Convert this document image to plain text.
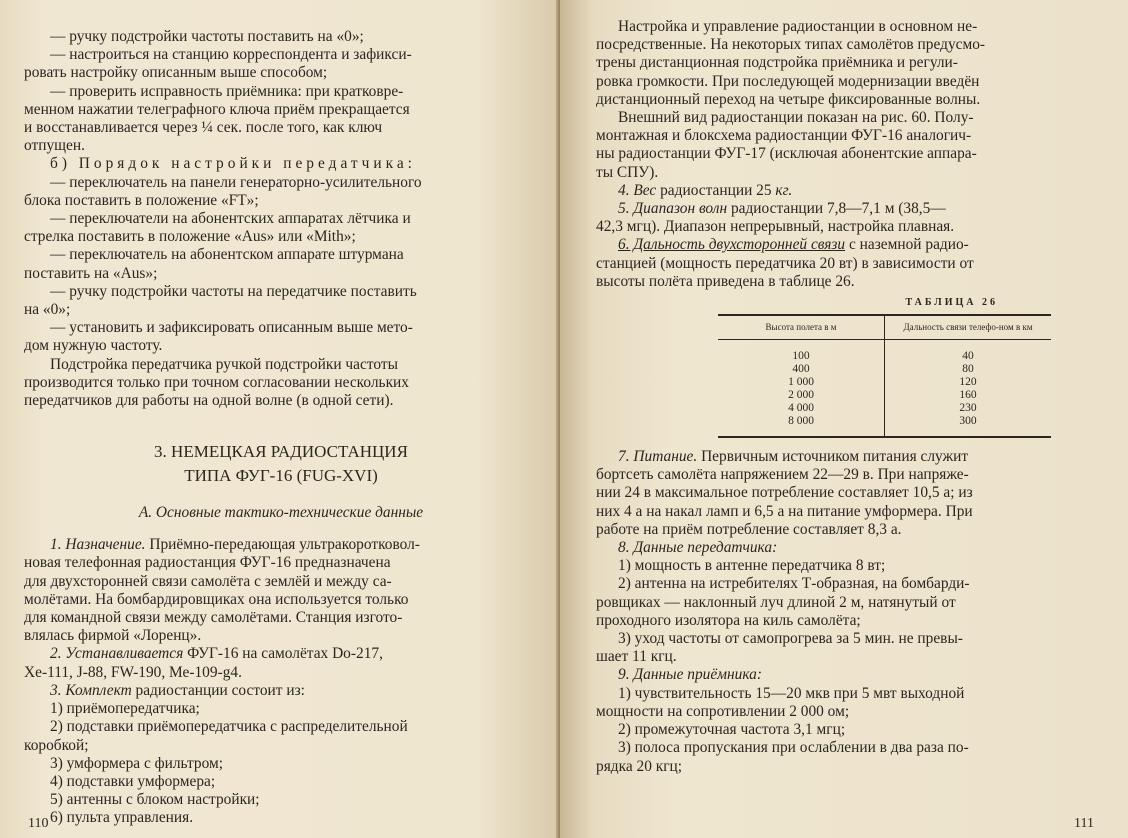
— ручку подстройки частоты поставить на «0»;

— настроиться на станцию корреспондента и зафикси-

ровать настройку описанным выше способом;

— проверить исправность приёмника: при кратковре-

менном нажатии телеграфного ключа приём прекращается

и восстанавливается через ¼ сек. после того, как ключ

отпущен.

б) Порядок настройки передатчика:

— переключатель на панели генераторно-усилительного

блока поставить в положение «FT»;

— переключатели на абонентских аппаратах лётчика и

стрелка поставить в положение «Aus» или «Mith»;

— переключатель на абонентском аппарате штурмана

поставить на «Aus»;

— ручку подстройки частоты на передатчике поставить

на «0»;

— установить и зафиксировать описанным выше мето-

дом нужную частоту.

Подстройка передатчика ручкой подстройки частоты

производится только при точном согласовании нескольких

передатчиков для работы на одной волне (в одной сети).

3. НЕМЕЦКАЯ РАДИОСТАНЦИЯ

ТИПА ФУГ-16 (FUG-XVI)

А. Основные тактико-технические данные

1. Назначение. Приёмно-передающая ультракоротковол-

новая телефонная радиостанция ФУГ-16 предназначена

для двухсторонней связи самолёта с землёй и между са-

молётами. На бомбардировщиках она используется только

для командной связи между самолётами. Станция изгото-

влялась фирмой «Лоренц».

2. Устанавливается ФУГ-16 на самолётах Do-217,

Хе-111, J-88, FW-190, Ме-109-g4.

3. Комплект радиостанции состоит из:

1) приёмопередатчика;

2) подставки приёмопередатчика с распределительной

коробкой;

3) умформера с фильтром;

4) подставки умформера;

5) антенны с блоком настройки;

6) пульта управления.

110

Настройка и управление радиостанции в основном не-

посредственные. На некоторых типах самолётов предусмо-

трены дистанционная подстройка приёмника и регули-

ровка громкости. При последующей модернизации введён

дистанционный переход на четыре фиксированные волны.

Внешний вид радиостанции показан на рис. 60. Полу-

монтажная и блоксхема радиостанции ФУГ-16 аналогич-

ны радиостанции ФУГ-17 (исключая абонентские аппара-

ты СПУ).

4. Вес радиостанции 25 кг.

5. Диапазон волн радиостанции 7,8—7,1 м (38,5—

42,3 мгц). Диапазон непрерывный, настройка плавная.

6. Дальность двухсторонней связи с наземной радио-

станцией (мощность передатчика 20 вт) в зависимости от

высоты полёта приведена в таблице 26.

ТАБЛИЦА 26
Высота полета в м	Дальность связи телефо-ном в км
100	40
400	80
1 000	120
2 000	160
4 000	230
8 000	300

7. Питание. Первичным источником питания служит

бортсеть самолёта напряжением 22—29 в. При напряже-

нии 24 в максимальное потребление составляет 10,5 а; из

них 4 а на накал ламп и 6,5 а на питание умформера. При

работе на приём потребление составляет 8,3 а.

8. Данные передатчика:

1) мощность в антенне передатчика 8 вт;

2) антенна на истребителях Т-образная, на бомбарди-

ровщиках — наклонный луч длиной 2 м, натянутый от

проходного изолятора на киль самолёта;

3) уход частоты от самопрогрева за 5 мин. не превы-

шает 11 кгц.

9. Данные приёмника:

1) чувствительность 15—20 мкв при 5 мвт выходной

мощности на сопротивлении 2 000 ом;

2) промежуточная частота 3,1 мгц;

3) полоса пропускания при ослаблении в два раза по-

рядка 20 кгц;

111
